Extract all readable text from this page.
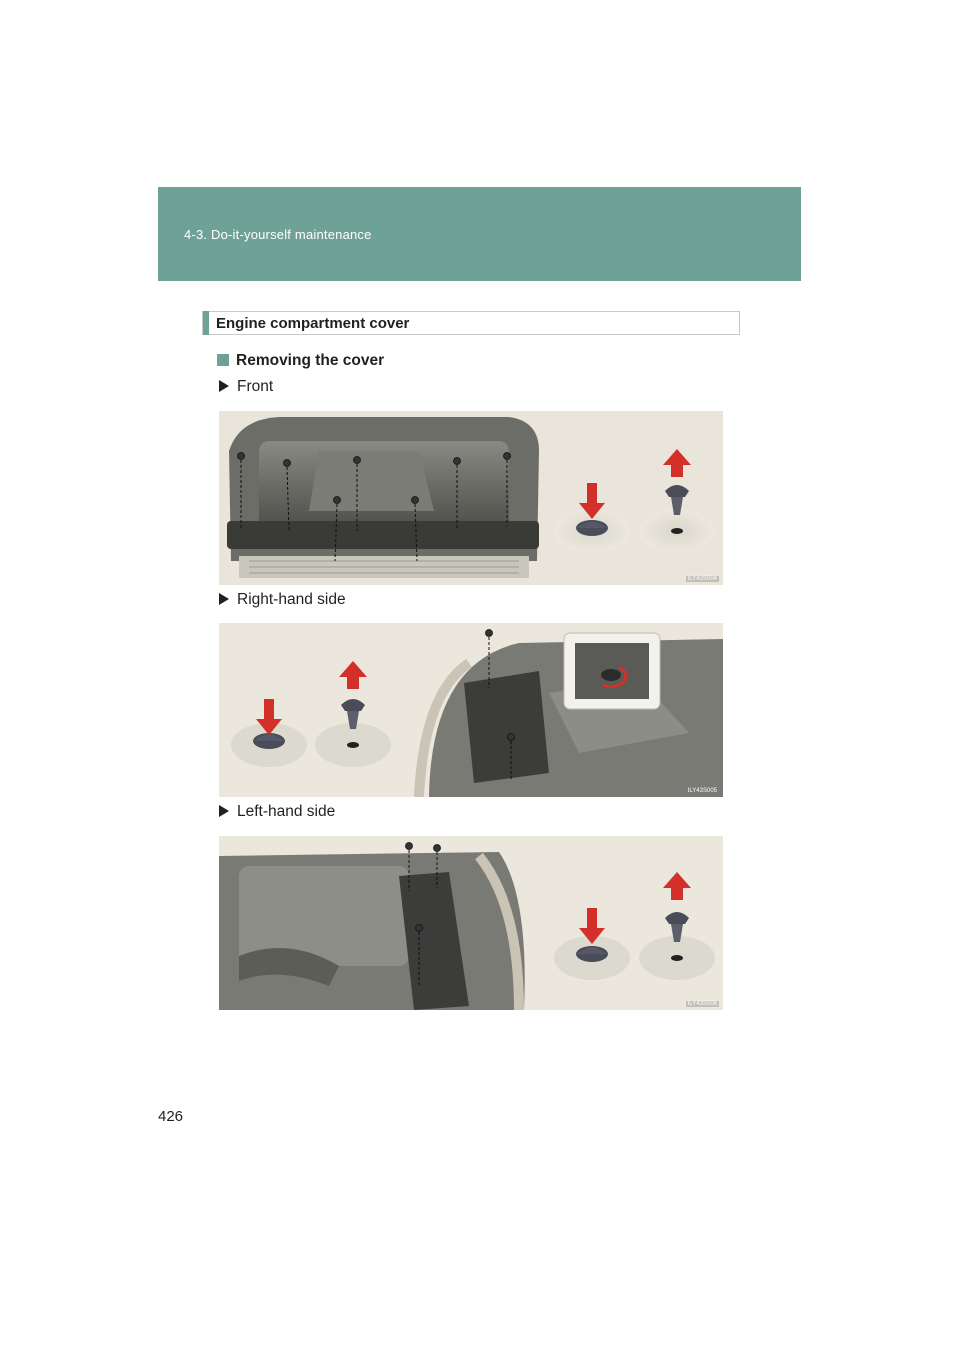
4-3. Do-it-yourself maintenance
Engine compartment cover
Removing the cover
Front
ILY43S004
Right-hand side
ILY43S005
Left-hand side
ILY43S006
426
